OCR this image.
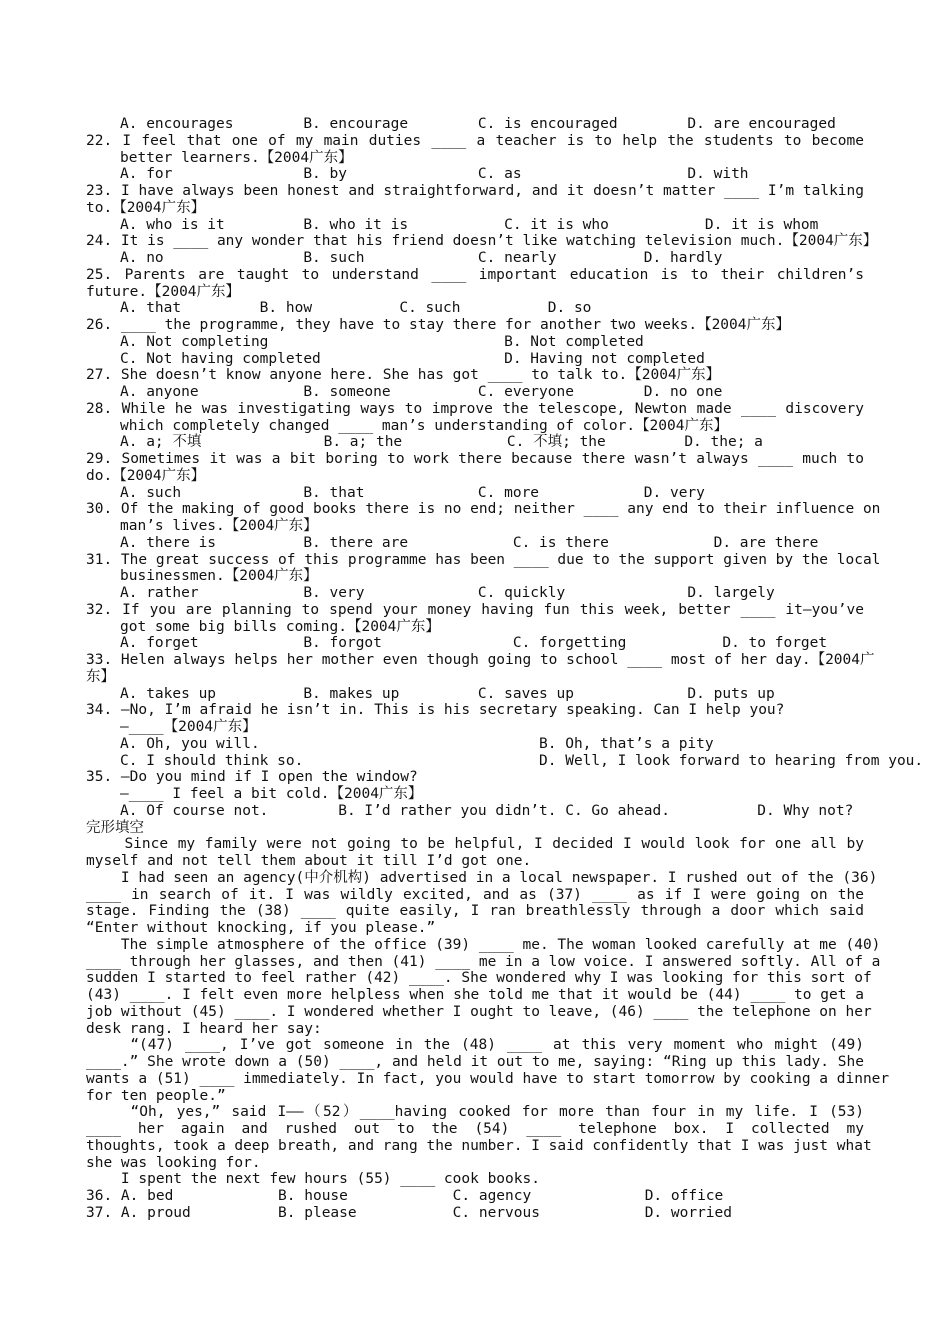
A. encourages        B. encourage        C. is encouraged        D. are encouraged
22. I feel that one of my main duties ____ a teacher is to help the students to become
better learners.【2004广东】
A. for               B. by               C. as                   D. with
23. I have always been honest and straightforward, and it doesn’t matter ____ I’m talking
to.【2004广东】
A. who is it         B. who it is           C. it is who           D. it is whom
24. It is ____ any wonder that his friend doesn’t like watching television much.【2004广东】
A. no                B. such             C. nearly          D. hardly
25. Parents are taught to understand ____ important education is to their children’s
future.【2004广东】
A. that         B. how          C. such          D. so
26. ____ the programme, they have to stay there for another two weeks.【2004广东】
A. Not completing                           B. Not completed
C. Not having completed                     D. Having not completed
27. She doesn’t know anyone here. She has got ____ to talk to.【2004广东】
A. anyone            B. someone          C. everyone        D. no one
28. While he was investigating ways to improve the telescope, Newton made ____ discovery
which completely changed ____ man’s understanding of color.【2004广东】
A. a; 不填              B. a; the            C. 不填; the         D. the; a
29. Sometimes it was a bit boring to work there because there wasn’t always ____ much to
do.【2004广东】
A. such              B. that             C. more            D. very
30. Of the making of good books there is no end; neither ____ any end to their influence on
man’s lives.【2004广东】
A. there is          B. there are            C. is there            D. are there
31. The great success of this programme has been ____ due to the support given by the local
businessmen.【2004广东】
A. rather            B. very             C. quickly              D. largely
32. If you are planning to spend your money having fun this week, better ____ it—you’ve
got some big bills coming.【2004广东】
A. forget            B. forgot               C. forgetting           D. to forget
33. Helen always helps her mother even though going to school ____ most of her day.【2004广
东】
A. takes up          B. makes up         C. saves up             D. puts up
34. —No, I’m afraid he isn’t in. This is his secretary speaking. Can I help you?
—____【2004广东】
A. Oh, you will.                                B. Oh, that’s a pity
C. I should think so.                           D. Well, I look forward to hearing from you.
35. —Do you mind if I open the window?
—____ I feel a bit cold.【2004广东】
A. Of course not.        B. I’d rather you didn’t. C. Go ahead.          D. Why not?
完形填空
Since my family were not going to be helpful, I decided I would look for one all by
myself and not tell them about it till I’d got one.
I had seen an agency(中介机构) advertised in a local newspaper. I rushed out of the (36)
____ in search of it. I was wildly excited, and as (37) ____ as if I were going on the
stage. Finding the (38) ____ quite easily, I ran breathlessly through a door which said
“Enter without knocking, if you please.”
The simple atmosphere of the office (39) ____ me. The woman looked carefully at me (40)
____ through her glasses, and then (41) ____ me in a low voice. I answered softly. All of a
sudden I started to feel rather (42) ____. She wondered why I was looking for this sort of
(43) ____. I felt even more helpless when she told me that it would be (44) ____ to get a
job without (45) ____. I wondered whether I ought to leave, (46) ____ the telephone on her
desk rang. I heard her say:
“(47) ____, I’ve got someone in the (48) ____ at this very moment who might (49)
____.” She wrote down a (50) ____, and held it out to me, saying: “Ring up this lady. She
wants a (51) ____ immediately. In fact, you would have to start tomorrow by cooking a dinner
for ten people.”
“Oh, yes,” said I——（52）____having cooked for more than four in my life. I (53)
____ her again and rushed out to the (54) ____ telephone box. I collected my
thoughts, took a deep breath, and rang the number. I said confidently that I was just what
she was looking for.
I spent the next few hours (55) ____ cook books.
36. A. bed            B. house            C. agency             D. office
37. A. proud          B. please           C. nervous            D. worried
